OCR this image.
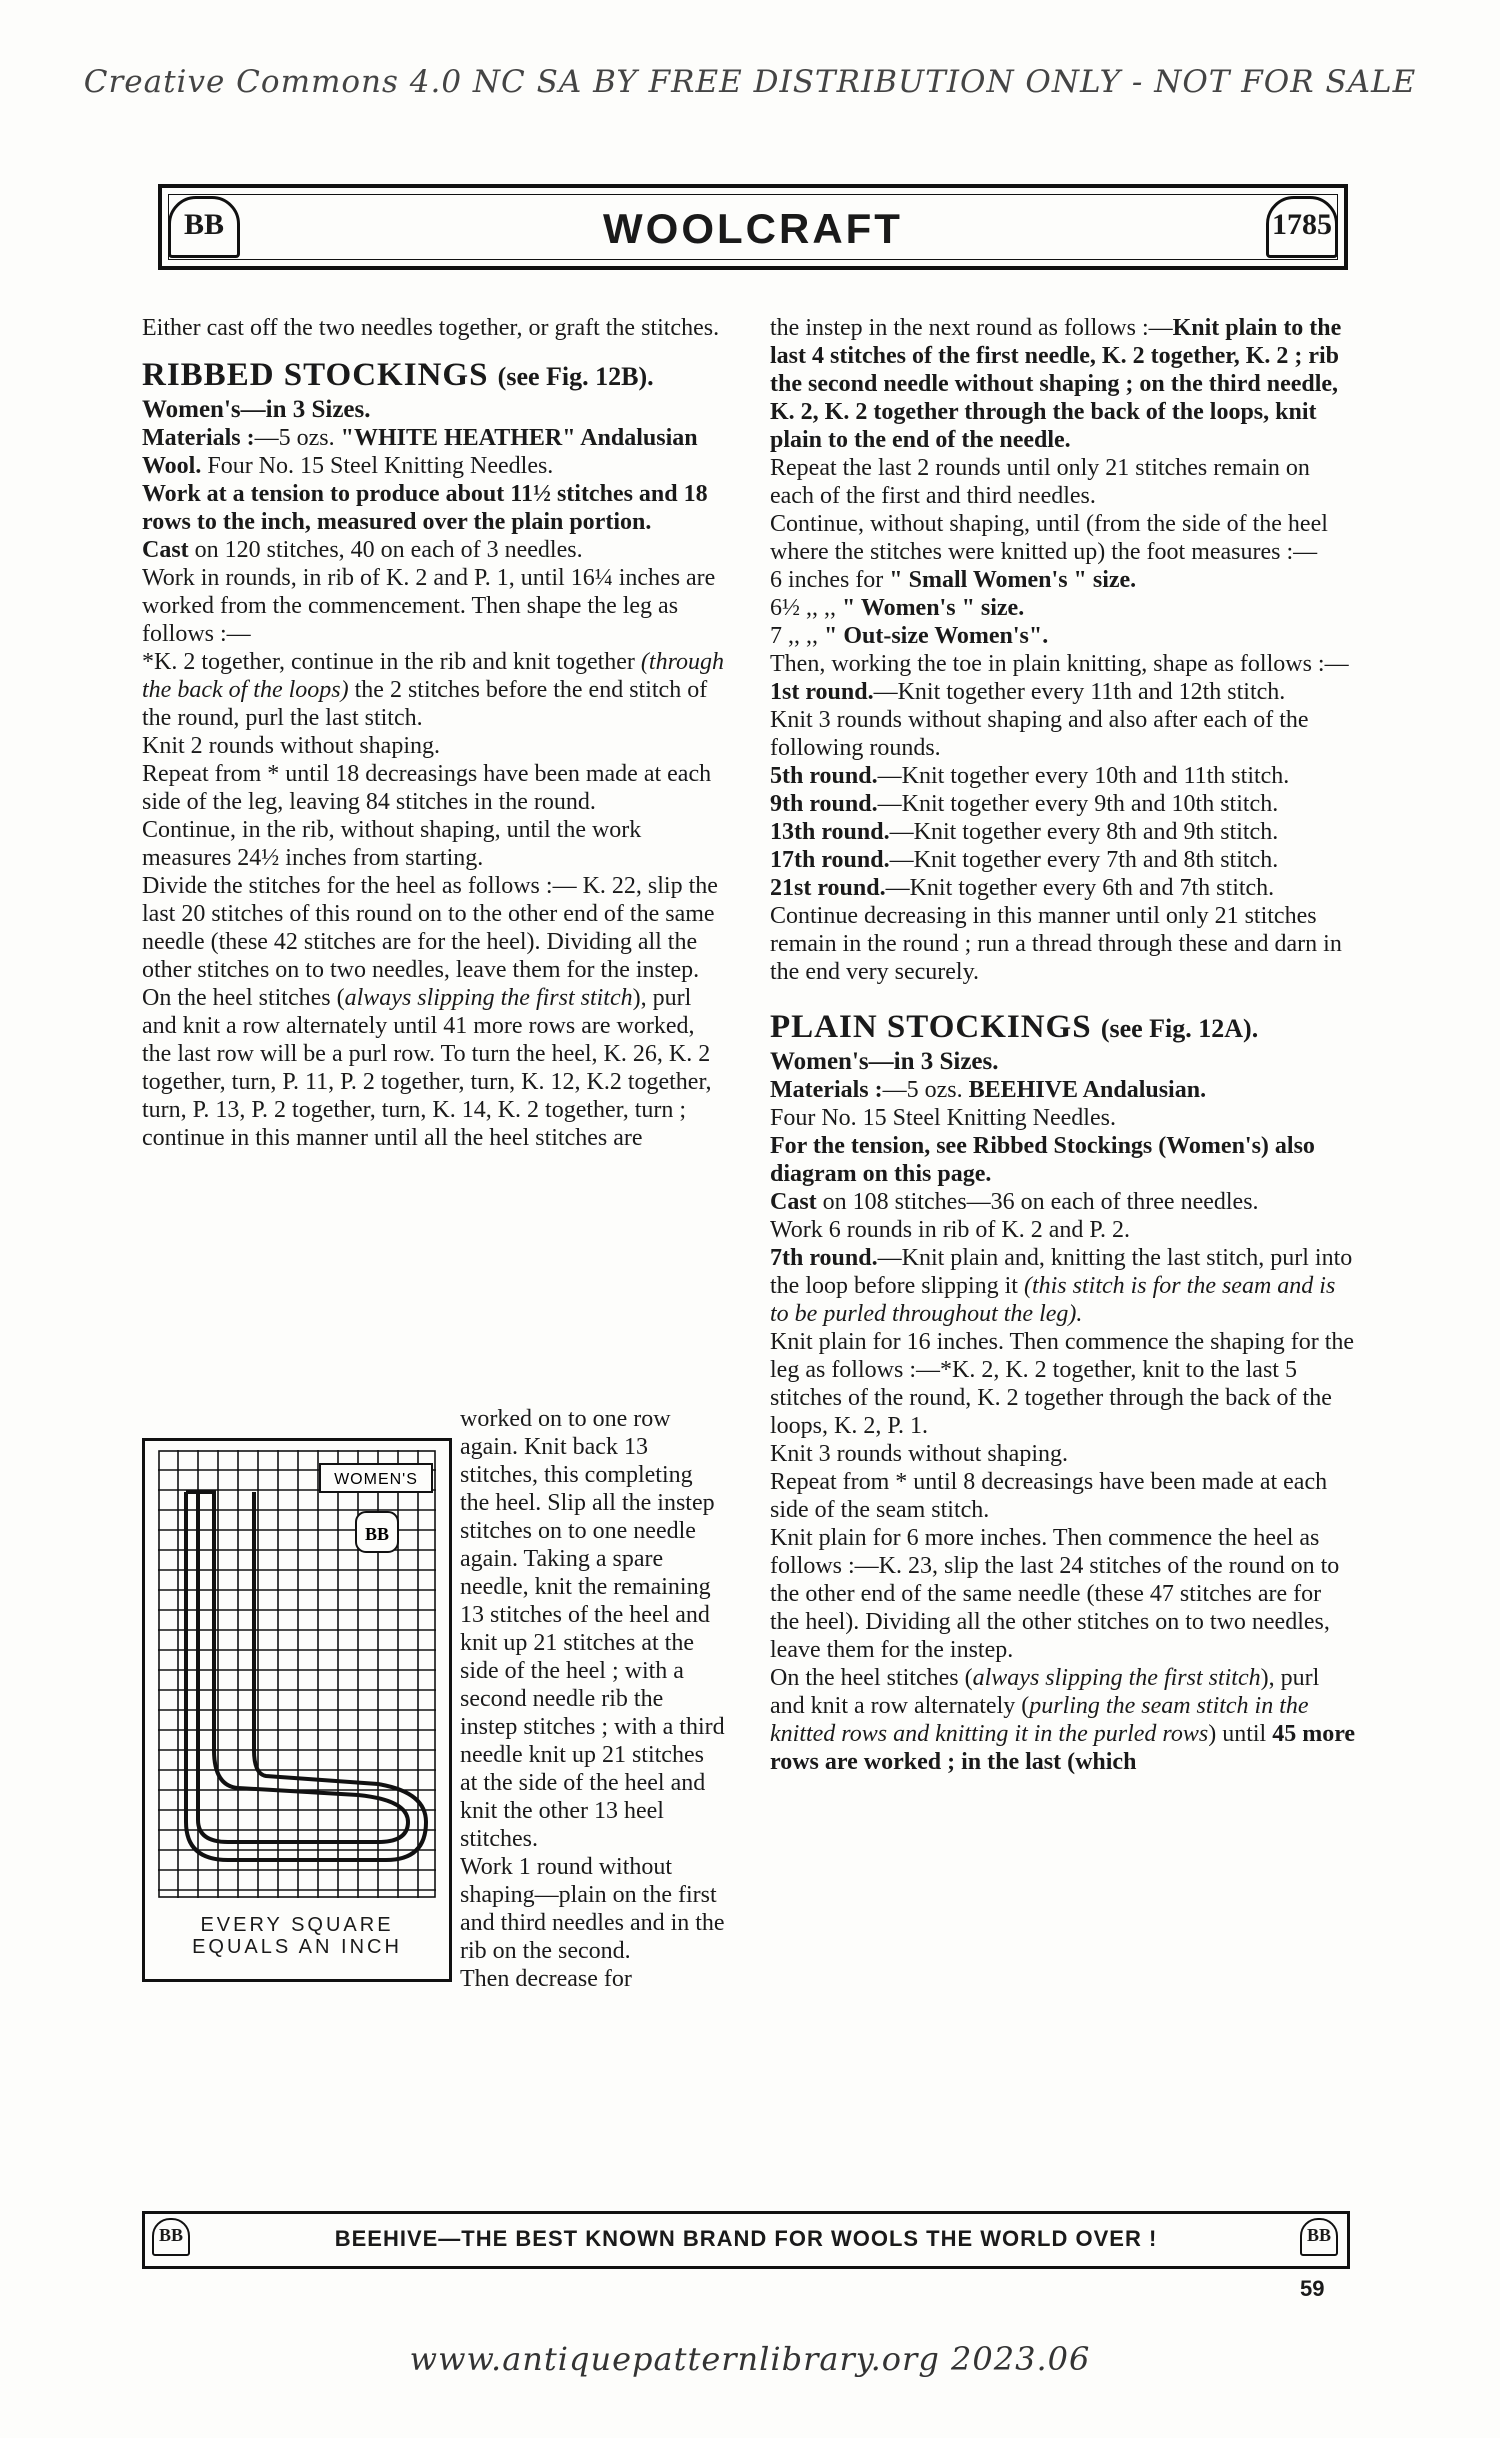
Creative Commons 4.0 NC SA BY FREE DISTRIBUTION ONLY - NOT FOR SALE
BB	WOOLCRAFT	1785

Either cast off the two needles together, or graft the stitches.

RIBBED STOCKINGS (see Fig. 12B).

Women's—in 3 Sizes.

Materials :—5 ozs. "WHITE HEATHER" Andalusian Wool. Four No. 15 Steel Knitting Needles.

Work at a tension to produce about 11½ stitches and 18 rows to the inch, measured over the plain portion.

Cast on 120 stitches, 40 on each of 3 needles.

Work in rounds, in rib of K. 2 and P. 1, until 16¼ inches are worked from the commencement. Then shape the leg as follows :—

*K. 2 together, continue in the rib and knit together (through the back of the loops) the 2 stitches before the end stitch of the round, purl the last stitch.

Knit 2 rounds without shaping.

Repeat from * until 18 decreasings have been made at each side of the leg, leaving 84 stitches in the round.

Continue, in the rib, without shaping, until the work measures 24½ inches from starting.

Divide the stitches for the heel as follows :— K. 22, slip the last 20 stitches of this round on to the other end of the same needle (these 42 stitches are for the heel). Dividing all the other stitches on to two needles, leave them for the instep.

On the heel stitches (always slipping the first stitch), purl and knit a row alternately until 41 more rows are worked, the last row will be a purl row. To turn the heel, K. 26, K. 2 together, turn, P. 11, P. 2 together, turn, K. 12, K.2 together, turn, P. 13, P. 2 together, turn, K. 14, K. 2 together, turn ; continue in this manner until all the heel stitches are

WOMEN'S
BB
EVERY SQUARE
EQUALS AN INCH

worked on to one row again. Knit back 13 stitches, this completing the heel. Slip all the instep stitches on to one needle again. Taking a spare needle, knit the remaining 13 stitches of the heel and knit up 21 stitches at the side of the heel ; with a second needle rib the instep stitches ; with a third needle knit up 21 stitches at the side of the heel and knit the other 13 heel stitches.

Work 1 round without shaping—plain on the first and third needles and in the rib on the second.

Then decrease for

the instep in the next round as follows :—Knit plain to the last 4 stitches of the first needle, K. 2 together, K. 2 ; rib the second needle without shaping ; on the third needle, K. 2, K. 2 together through the back of the loops, knit plain to the end of the needle.

Repeat the last 2 rounds until only 21 stitches remain on each of the first and third needles.

Continue, without shaping, until (from the side of the heel where the stitches were knitted up) the foot measures :—

6 inches for " Small Women's " size.

6½ ,, ,, " Women's " size.

7 ,, ,, " Out-size Women's".

Then, working the toe in plain knitting, shape as follows :—

1st round.—Knit together every 11th and 12th stitch.

Knit 3 rounds without shaping and also after each of the following rounds.

5th round.—Knit together every 10th and 11th stitch.

9th round.—Knit together every 9th and 10th stitch.

13th round.—Knit together every 8th and 9th stitch.

17th round.—Knit together every 7th and 8th stitch.

21st round.—Knit together every 6th and 7th stitch.

Continue decreasing in this manner until only 21 stitches remain in the round ; run a thread through these and darn in the end very securely.

PLAIN STOCKINGS (see Fig. 12A).

Women's—in 3 Sizes.

Materials :—5 ozs. BEEHIVE Andalusian.

Four No. 15 Steel Knitting Needles.

For the tension, see Ribbed Stockings (Women's) also diagram on this page.

Cast on 108 stitches—36 on each of three needles.

Work 6 rounds in rib of K. 2 and P. 2.

7th round.—Knit plain and, knitting the last stitch, purl into the loop before slipping it (this stitch is for the seam and is to be purled throughout the leg).

Knit plain for 16 inches. Then commence the shaping for the leg as follows :—*K. 2, K. 2 together, knit to the last 5 stitches of the round, K. 2 together through the back of the loops, K. 2, P. 1.

Knit 3 rounds without shaping.

Repeat from * until 8 decreasings have been made at each side of the seam stitch.

Knit plain for 6 more inches. Then commence the heel as follows :—K. 23, slip the last 24 stitches of the round on to the other end of the same needle (these 47 stitches are for the heel). Dividing all the other stitches on to two needles, leave them for the instep.

On the heel stitches (always slipping the first stitch), purl and knit a row alternately (purling the seam stitch in the knitted rows and knitting it in the purled rows) until 45 more rows are worked ; in the last (which

BB	BEEHIVE—THE BEST KNOWN BRAND FOR WOOLS THE WORLD OVER !	BB
59
www.antiquepatternlibrary.org 2023.06
